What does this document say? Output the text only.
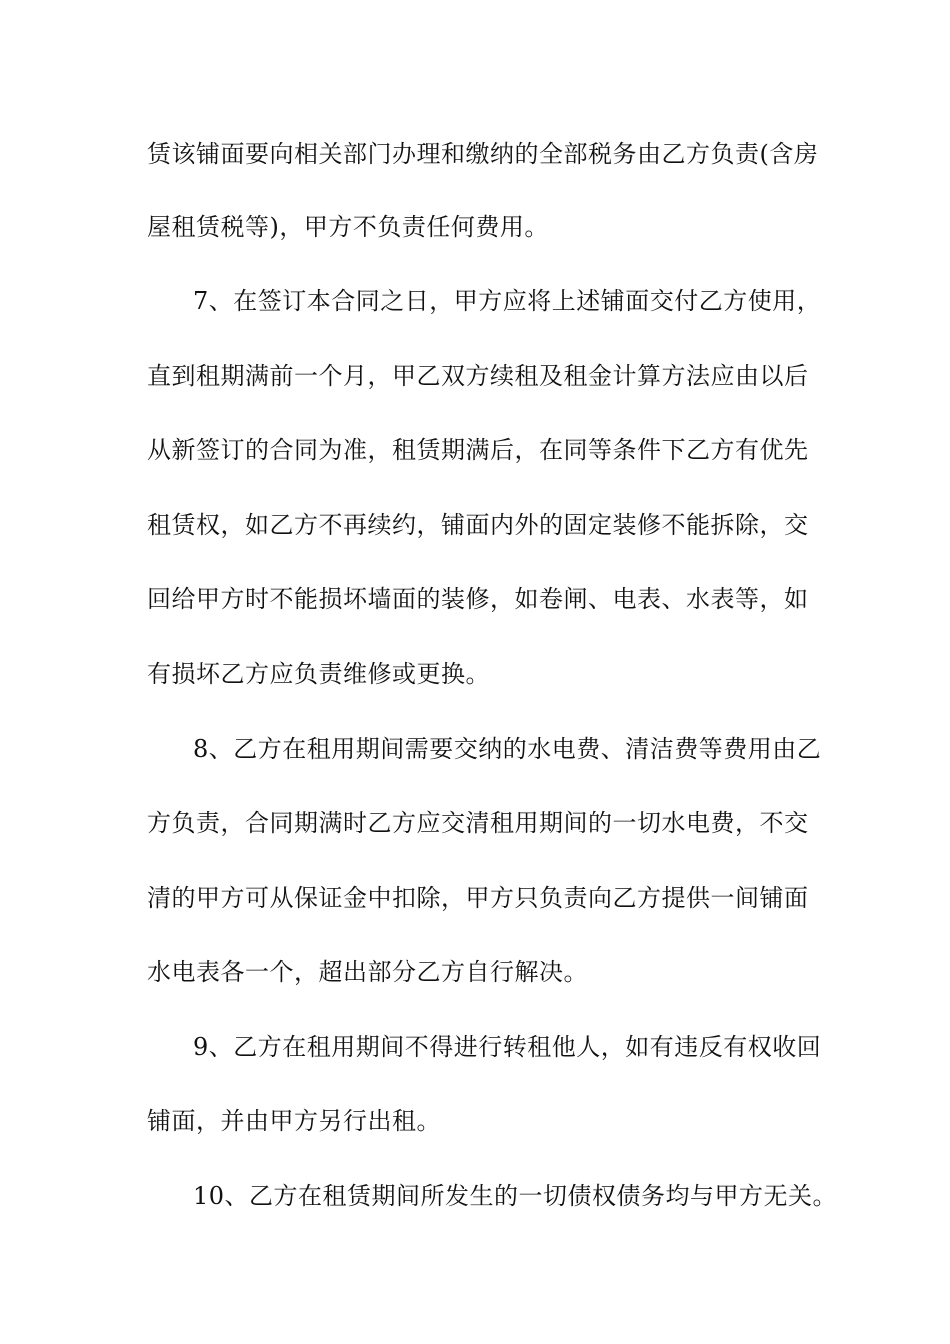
赁该铺面要向相关部门办理和缴纳的全部税务由乙方负责(含房
屋租赁税等)，甲方不负责任何费用。
7、在签订本合同之日，甲方应将上述铺面交付乙方使用，
直到租期满前一个月，甲乙双方续租及租金计算方法应由以后
从新签订的合同为准，租赁期满后，在同等条件下乙方有优先
租赁权，如乙方不再续约，铺面内外的固定装修不能拆除，交
回给甲方时不能损坏墙面的装修，如卷闸、电表、水表等，如
有损坏乙方应负责维修或更换。
8、乙方在租用期间需要交纳的水电费、清洁费等费用由乙
方负责，合同期满时乙方应交清租用期间的一切水电费，不交
清的甲方可从保证金中扣除，甲方只负责向乙方提供一间铺面
水电表各一个，超出部分乙方自行解决。
9、乙方在租用期间不得进行转租他人，如有违反有权收回
铺面，并由甲方另行出租。
10、乙方在租赁期间所发生的一切债权债务均与甲方无关。
